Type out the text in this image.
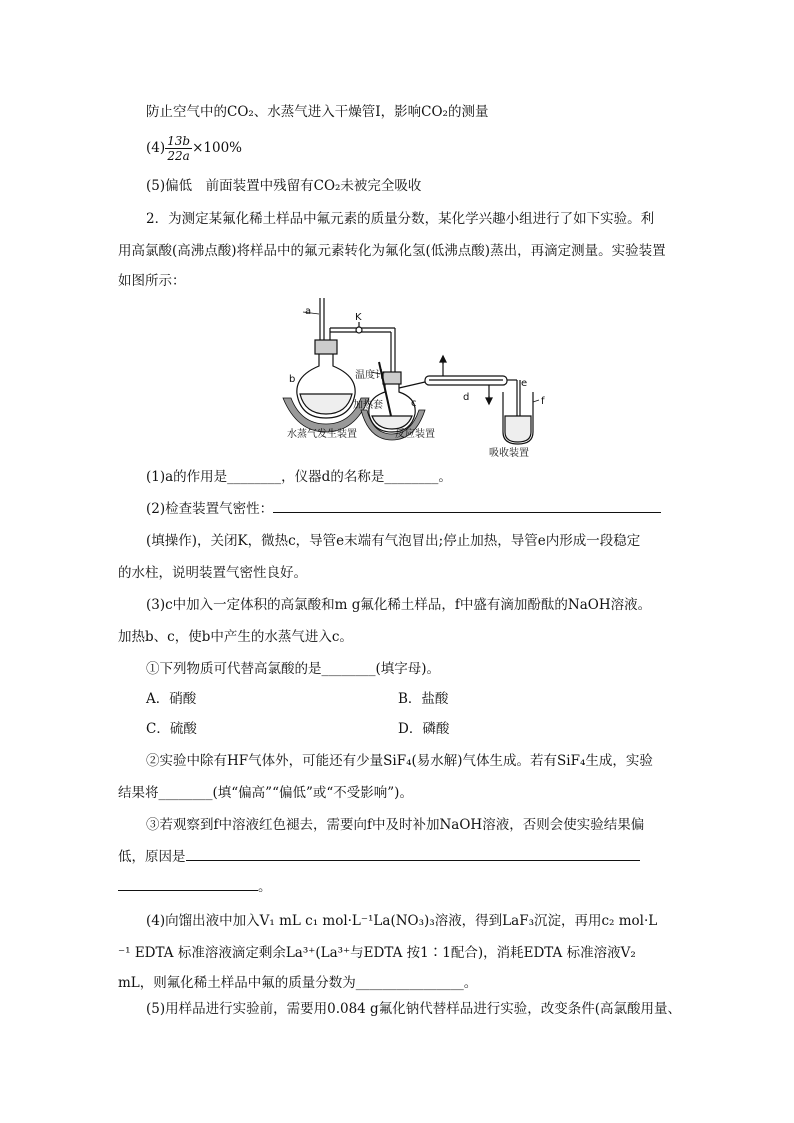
防止空气中的CO₂、水蒸气进入干燥管Ⅰ，影响CO₂的测量
$(4) \frac{13b}{22a} \times 100\%$
(5)偏低　前面装置中残留有CO₂未被完全吸收
2．为测定某氟化稀土样品中氟元素的质量分数，某化学兴趣小组进行了如下实验。利
用高氯酸(高沸点酸)将样品中的氟元素转化为氟化氢(低沸点酸)蒸出，再滴定测量。实验装置
如图所示：
a
K
b	温度计
加热套	c
d
e
f
水蒸气发生装置	反应装置
吸收装置
(1)a的作用是________，仪器d的名称是________。
(2)检查装置气密性：
(填操作)，关闭K，微热c，导管e末端有气泡冒出;停止加热，导管e内形成一段稳定
的水柱，说明装置气密性良好。
(3)c中加入一定体积的高氯酸和m g氟化稀土样品，f中盛有滴加酚酞的NaOH溶液。
加热b、c，使b中产生的水蒸气进入c。
①下列物质可代替高氯酸的是________(填字母)。
A．硝酸	B．盐酸
C．硫酸	D．磷酸
②实验中除有HF气体外，可能还有少量SiF₄(易水解)气体生成。若有SiF₄生成，实验
结果将________(填“偏高”“偏低”或“不受影响”)。
③若观察到f中溶液红色褪去，需要向f中及时补加NaOH溶液，否则会使实验结果偏
低，原因是
。
(4)向馏出液中加入V₁ mL c₁ mol·L⁻¹La(NO₃)₃溶液，得到LaF₃沉淀，再用c₂ mol·L
⁻¹ EDTA 标准溶液滴定剩余La³⁺(La³⁺与EDTA 按1∶1配合)，消耗EDTA 标准溶液V₂
mL，则氟化稀土样品中氟的质量分数为________________。
(5)用样品进行实验前，需要用0.084 g氟化钠代替样品进行实验，改变条件(高氯酸用量、
